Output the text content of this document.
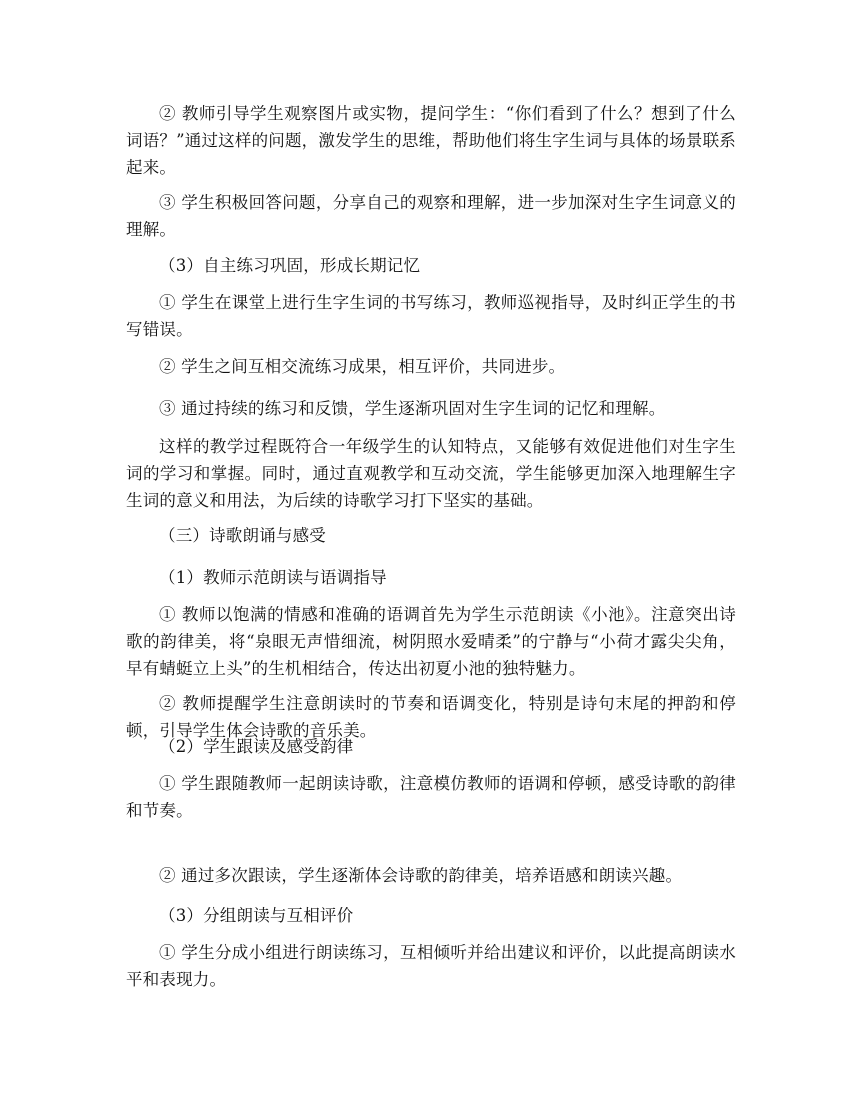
② 教师引导学生观察图片或实物，提问学生：“你们看到了什么？想到了什么词语？”通过这样的问题，激发学生的思维，帮助他们将生字生词与具体的场景联系起来。

③ 学生积极回答问题，分享自己的观察和理解，进一步加深对生字生词意义的理解。

（3）自主练习巩固，形成长期记忆

① 学生在课堂上进行生字生词的书写练习，教师巡视指导，及时纠正学生的书写错误。

② 学生之间互相交流练习成果，相互评价，共同进步。

③ 通过持续的练习和反馈，学生逐渐巩固对生字生词的记忆和理解。

这样的教学过程既符合一年级学生的认知特点，又能够有效促进他们对生字生词的学习和掌握。同时，通过直观教学和互动交流，学生能够更加深入地理解生字生词的意义和用法，为后续的诗歌学习打下坚实的基础。

（三）诗歌朗诵与感受

（1）教师示范朗读与语调指导

① 教师以饱满的情感和准确的语调首先为学生示范朗读《小池》。注意突出诗歌的韵律美，将“泉眼无声惜细流，树阴照水爱晴柔”的宁静与“小荷才露尖尖角，早有蜻蜓立上头”的生机相结合，传达出初夏小池的独特魅力。

② 教师提醒学生注意朗读时的节奏和语调变化，特别是诗句末尾的押韵和停顿，引导学生体会诗歌的音乐美。

（2）学生跟读及感受韵律

① 学生跟随教师一起朗读诗歌，注意模仿教师的语调和停顿，感受诗歌的韵律和节奏。

② 通过多次跟读，学生逐渐体会诗歌的韵律美，培养语感和朗读兴趣。

（3）分组朗读与互相评价

① 学生分成小组进行朗读练习，互相倾听并给出建议和评价，以此提高朗读水平和表现力。
